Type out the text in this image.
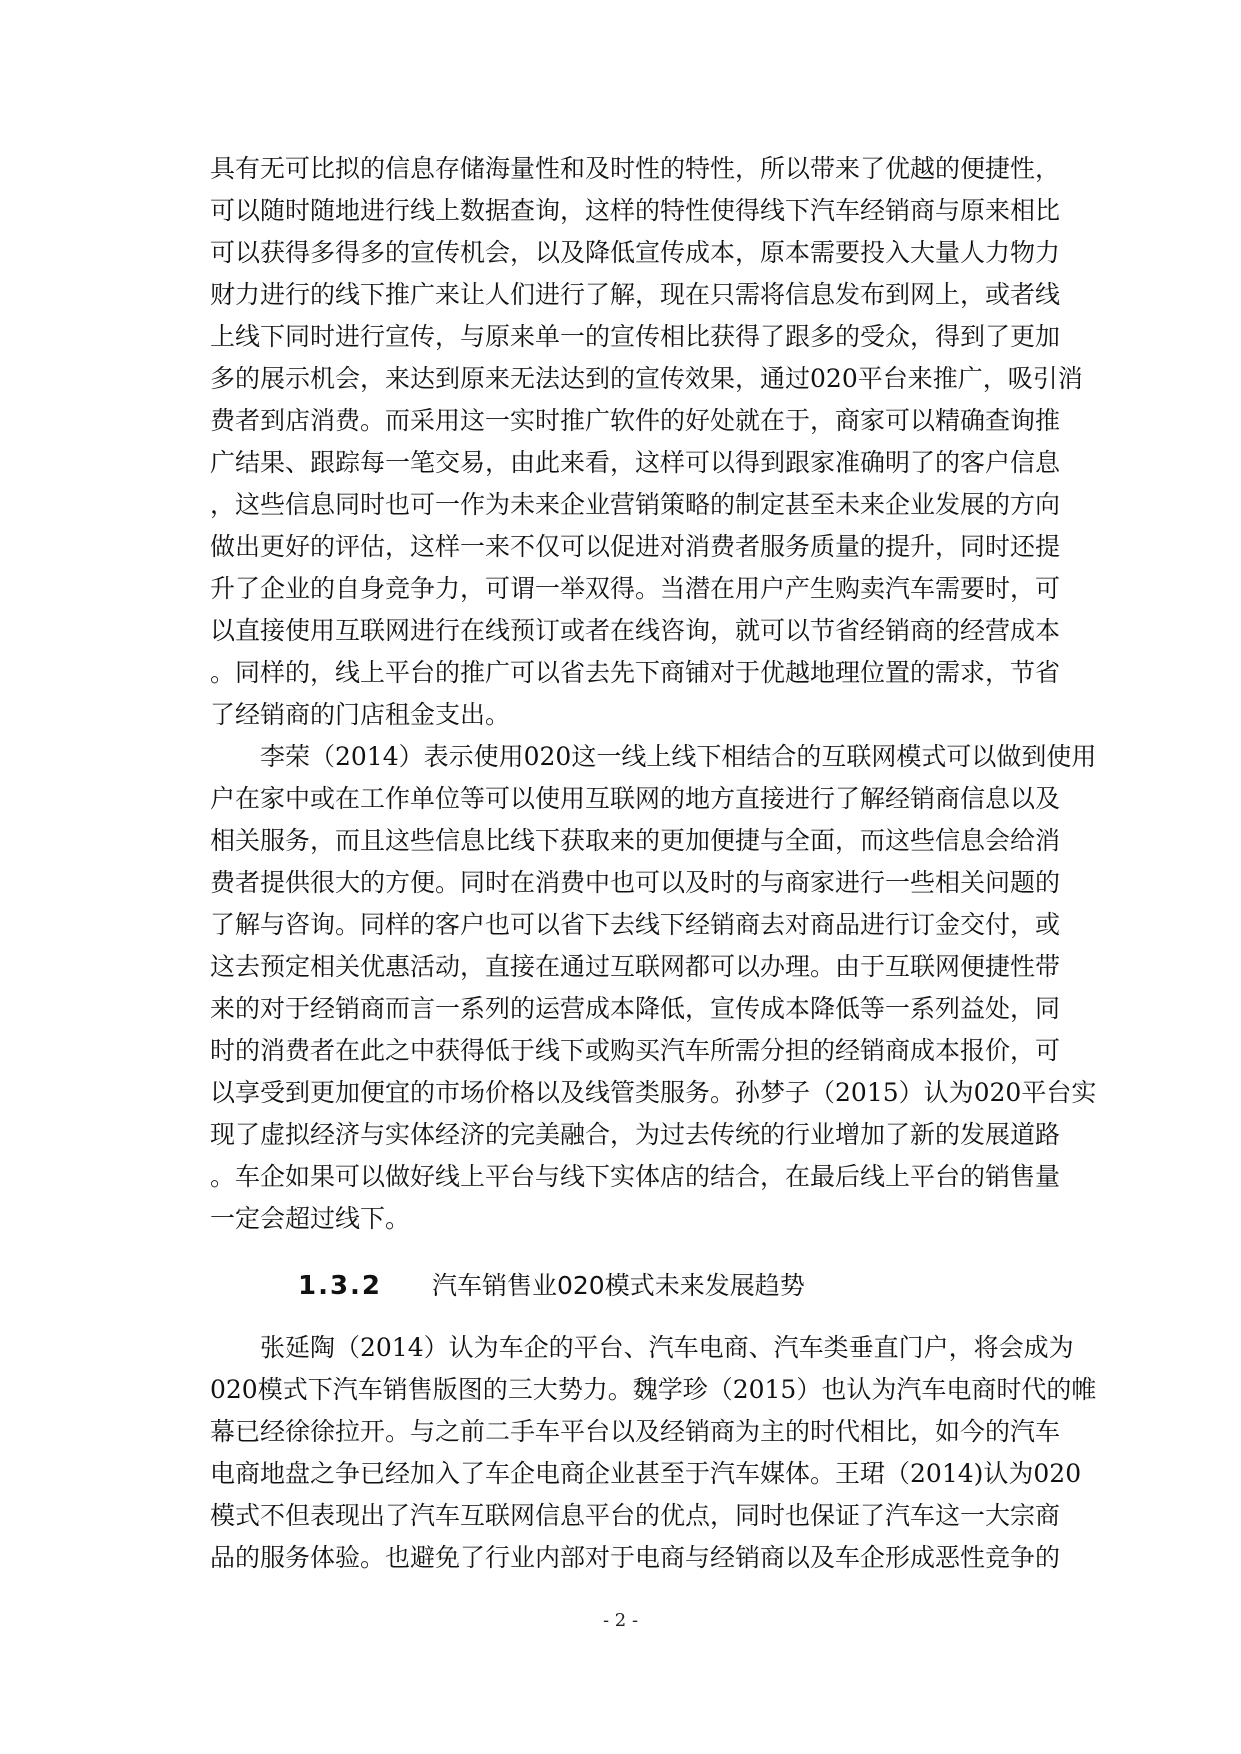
具有无可比拟的信息存储海量性和及时性的特性，所以带来了优越的便捷性，
可以随时随地进行线上数据查询，这样的特性使得线下汽车经销商与原来相比
可以获得多得多的宣传机会，以及降低宣传成本，原本需要投入大量人力物力
财力进行的线下推广来让人们进行了解，现在只需将信息发布到网上，或者线
上线下同时进行宣传，与原来单一的宣传相比获得了跟多的受众，得到了更加
多的展示机会，来达到原来无法达到的宣传效果，通过020平台来推广，吸引消
费者到店消费。而采用这一实时推广软件的好处就在于，商家可以精确查询推
广结果、跟踪每一笔交易，由此来看，这样可以得到跟家准确明了的客户信息
，这些信息同时也可一作为未来企业营销策略的制定甚至未来企业发展的方向
做出更好的评估，这样一来不仅可以促进对消费者服务质量的提升，同时还提
升了企业的自身竞争力，可谓一举双得。当潜在用户产生购卖汽车需要时，可
以直接使用互联网进行在线预订或者在线咨询，就可以节省经销商的经营成本
。同样的，线上平台的推广可以省去先下商铺对于优越地理位置的需求，节省
了经销商的门店租金支出。
李荣（2014）表示使用020这一线上线下相结合的互联网模式可以做到使用
户在家中或在工作单位等可以使用互联网的地方直接进行了解经销商信息以及
相关服务，而且这些信息比线下获取来的更加便捷与全面，而这些信息会给消
费者提供很大的方便。同时在消费中也可以及时的与商家进行一些相关问题的
了解与咨询。同样的客户也可以省下去线下经销商去对商品进行订金交付，或
这去预定相关优惠活动，直接在通过互联网都可以办理。由于互联网便捷性带
来的对于经销商而言一系列的运营成本降低，宣传成本降低等一系列益处，同
时的消费者在此之中获得低于线下或购买汽车所需分担的经销商成本报价，可
以享受到更加便宜的市场价格以及线管类服务。孙梦子（2015）认为020平台实
现了虚拟经济与实体经济的完美融合，为过去传统的行业增加了新的发展道路
。车企如果可以做好线上平台与线下实体店的结合，在最后线上平台的销售量
一定会超过线下。
1.3.2 汽车销售业020模式未来发展趋势
张延陶（2014）认为车企的平台、汽车电商、汽车类垂直门户，将会成为
020模式下汽车销售版图的三大势力。魏学珍（2015）也认为汽车电商时代的帷
幕已经徐徐拉开。与之前二手车平台以及经销商为主的时代相比，如今的汽车
电商地盘之争已经加入了车企电商企业甚至于汽车媒体。王珺（2014)认为020
模式不但表现出了汽车互联网信息平台的优点，同时也保证了汽车这一大宗商
品的服务体验。也避免了行业内部对于电商与经销商以及车企形成恶性竞争的
- 2 -
